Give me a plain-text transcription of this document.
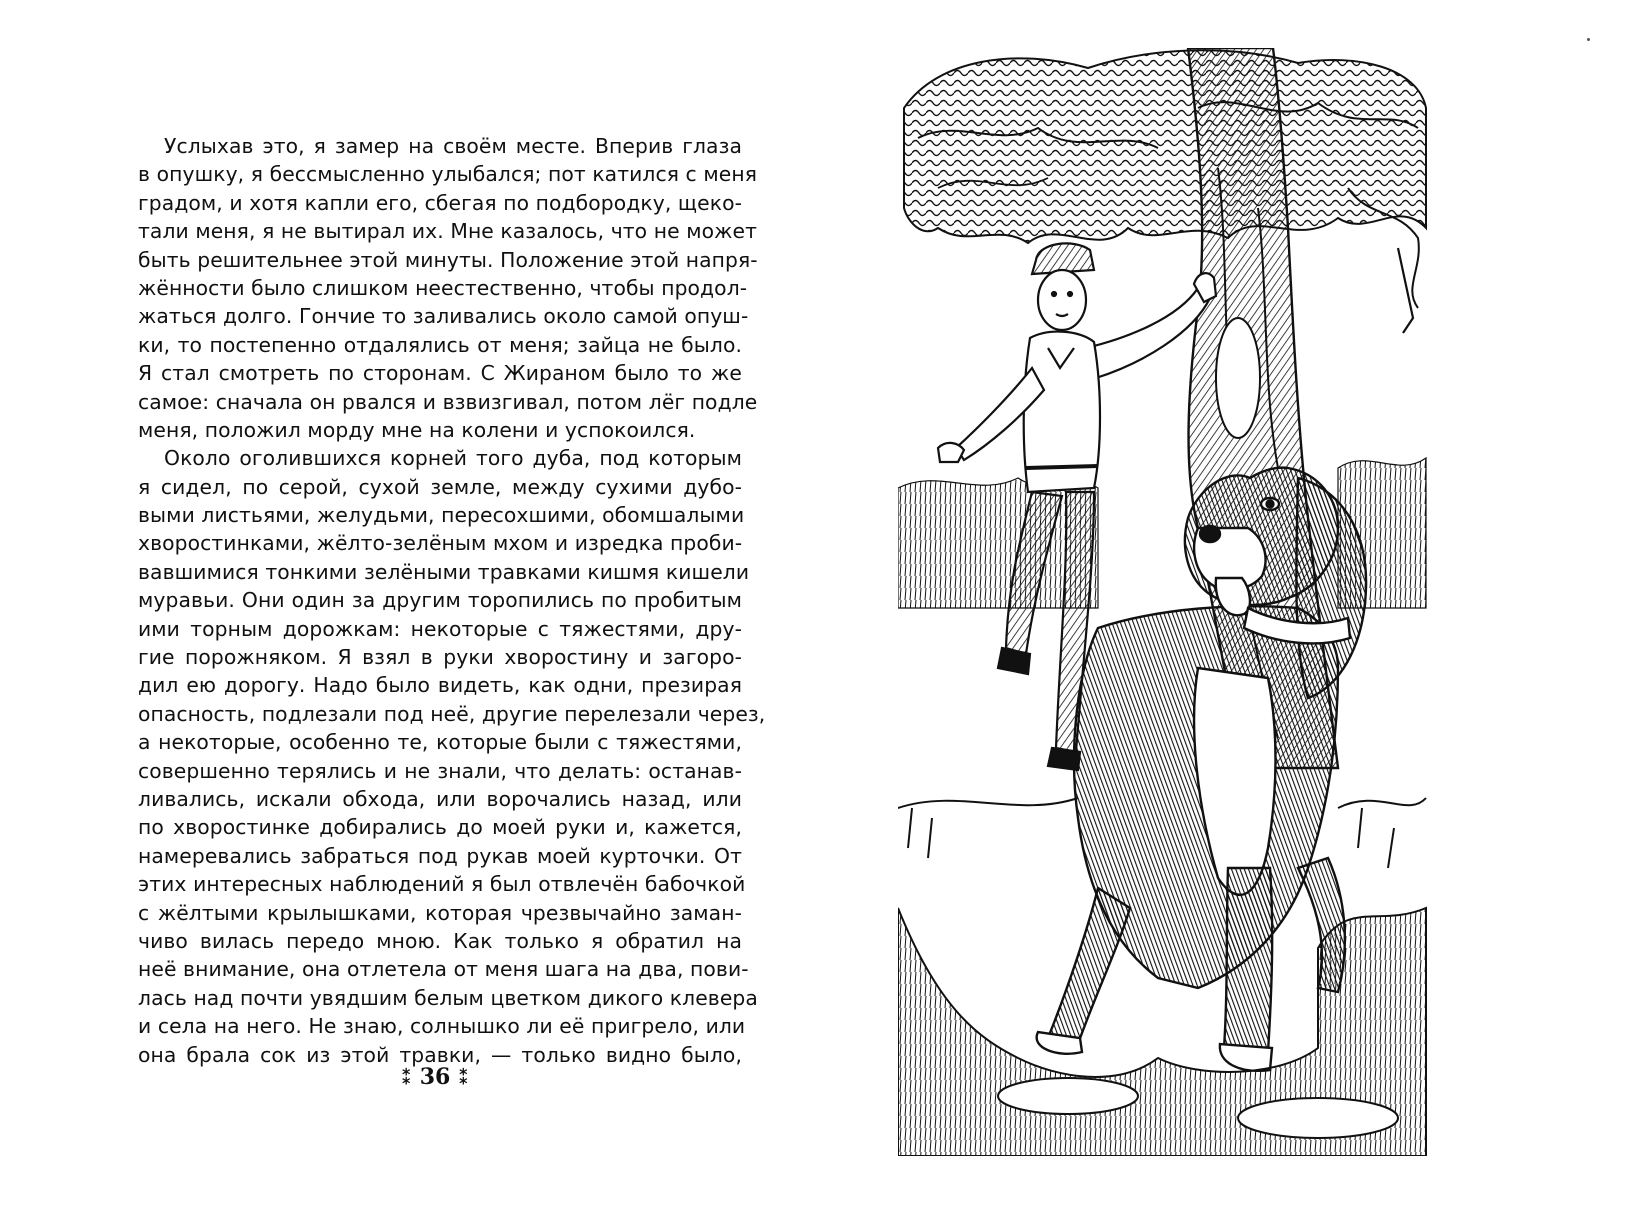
Услыхав это, я замер на своём месте. Вперив глаза
в опушку, я бессмысленно улыбался; пот катился с меня
градом, и хотя капли его, сбегая по подбородку, щеко-
тали меня, я не вытирал их. Мне казалось, что не может
быть решительнее этой минуты. Положение этой напря-
жённости было слишком неестественно, чтобы продол-
жаться долго. Гончие то заливались около самой опуш-
ки, то постепенно отдалялись от меня; зайца не было.
Я стал смотреть по сторонам. С Жираном было то же
самое: сначала он рвался и взвизгивал, потом лёг подле
меня, положил морду мне на колени и успокоился.
Около оголившихся корней того дуба, под которым
я сидел, по серой, сухой земле, между сухими дубо-
выми листьями, желудьми, пересохшими, обомшалыми
хворостинками, жёлто-зелёным мхом и изредка проби-
вавшимися тонкими зелёными травками кишмя кишели
муравьи. Они один за другим торопились по пробитым
ими торным дорожкам: некоторые с тяжестями, дру-
гие порожняком. Я взял в руки хворостину и загоро-
дил ею дорогу. Надо было видеть, как одни, презирая
опасность, подлезали под неё, другие перелезали через,
а некоторые, особенно те, которые были с тяжестями,
совершенно терялись и не знали, что делать: останав-
ливались, искали обхода, или ворочались назад, или
по хворостинке добирались до моей руки и, кажется,
намеревались забраться под рукав моей курточки. От
этих интересных наблюдений я был отвлечён бабочкой
с жёлтыми крылышками, которая чрезвычайно заман-
чиво вилась передо мною. Как только я обратил на
неё внимание, она отлетела от меня шага на два, пови-
лась над почти увядшим белым цветком дикого клевера
и села на него. Не знаю, солнышко ли её пригрело, или
она брала сок из этой травки, — только видно было,
⁑ 36 ⁑
